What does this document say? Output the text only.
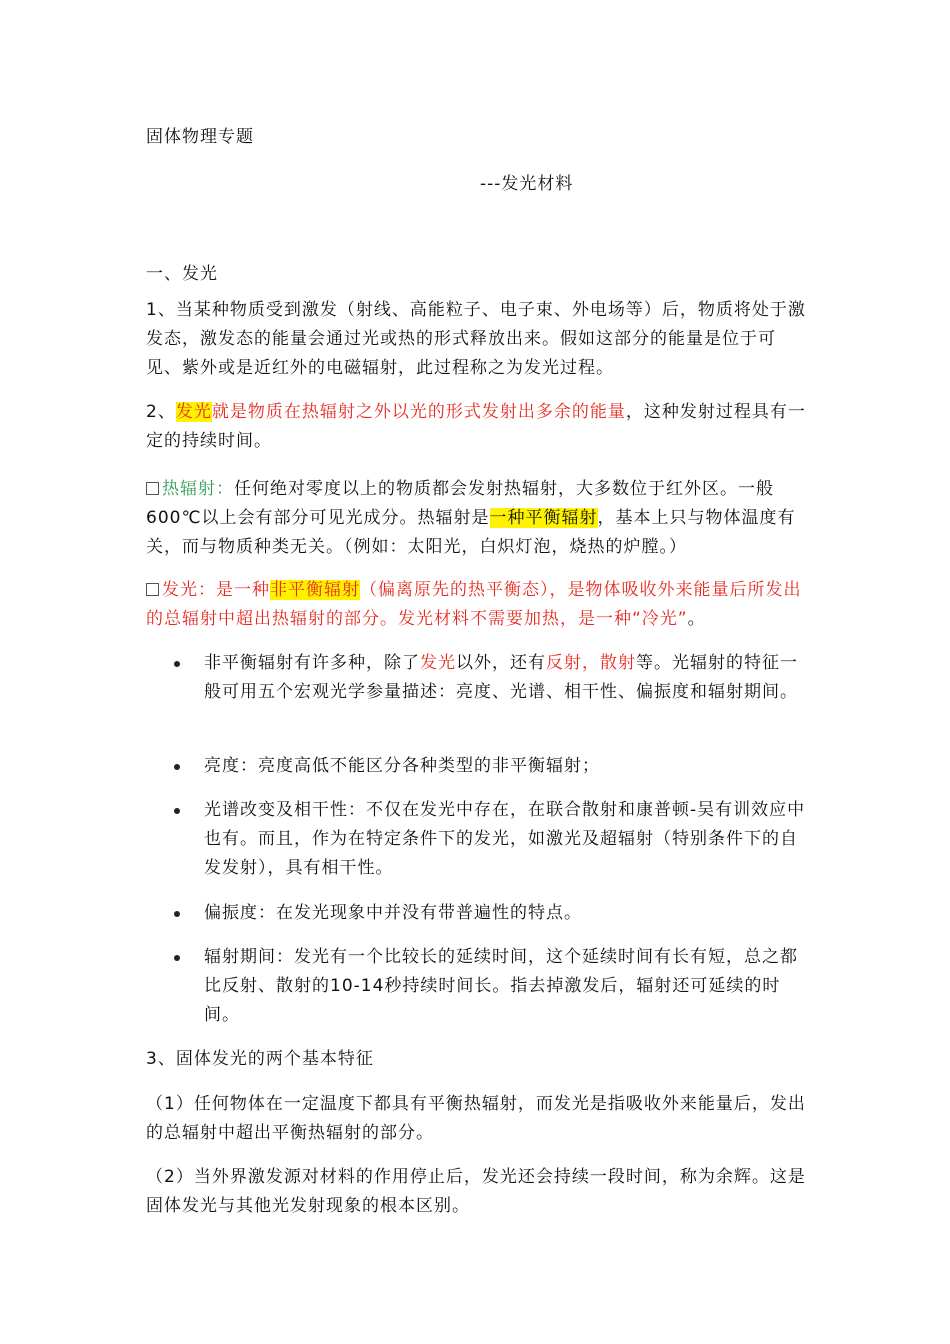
固体物理专题
---发光材料
一、发光

1、当某种物质受到激发（射线、高能粒子、电子束、外电场等）后，物质将处于激发态，激发态的能量会通过光或热的形式释放出来。假如这部分的能量是位于可见、紫外或是近红外的电磁辐射，此过程称之为发光过程。

2、发光就是物质在热辐射之外以光的形式发射出多余的能量，这种发射过程具有一定的持续时间。

热辐射：任何绝对零度以上的物质都会发射热辐射，大多数位于红外区。一般600℃以上会有部分可见光成分。热辐射是一种平衡辐射，基本上只与物体温度有关，而与物质种类无关。（例如：太阳光，白炽灯泡，烧热的炉膛。）

发光：是一种非平衡辐射（偏离原先的热平衡态），是物体吸收外来能量后所发出的总辐射中超出热辐射的部分。发光材料不需要加热，是一种“冷光”。

非平衡辐射有许多种，除了发光以外，还有反射，散射等。光辐射的特征一般可用五个宏观光学参量描述：亮度、光谱、相干性、偏振度和辐射期间。
亮度：亮度高低不能区分各种类型的非平衡辐射；
光谱改变及相干性：不仅在发光中存在，在联合散射和康普顿-吴有训效应中也有。而且，作为在特定条件下的发光，如激光及超辐射（特别条件下的自发发射），具有相干性。
偏振度：在发光现象中并没有带普遍性的特点。
辐射期间：发光有一个比较长的延续时间，这个延续时间有长有短，总之都比反射、散射的10-14秒持续时间长。指去掉激发后，辐射还可延续的时间。

3、固体发光的两个基本特征

（1）任何物体在一定温度下都具有平衡热辐射，而发光是指吸收外来能量后，发出的总辐射中超出平衡热辐射的部分。

（2）当外界激发源对材料的作用停止后，发光还会持续一段时间，称为余辉。这是固体发光与其他光发射现象的根本区别。
